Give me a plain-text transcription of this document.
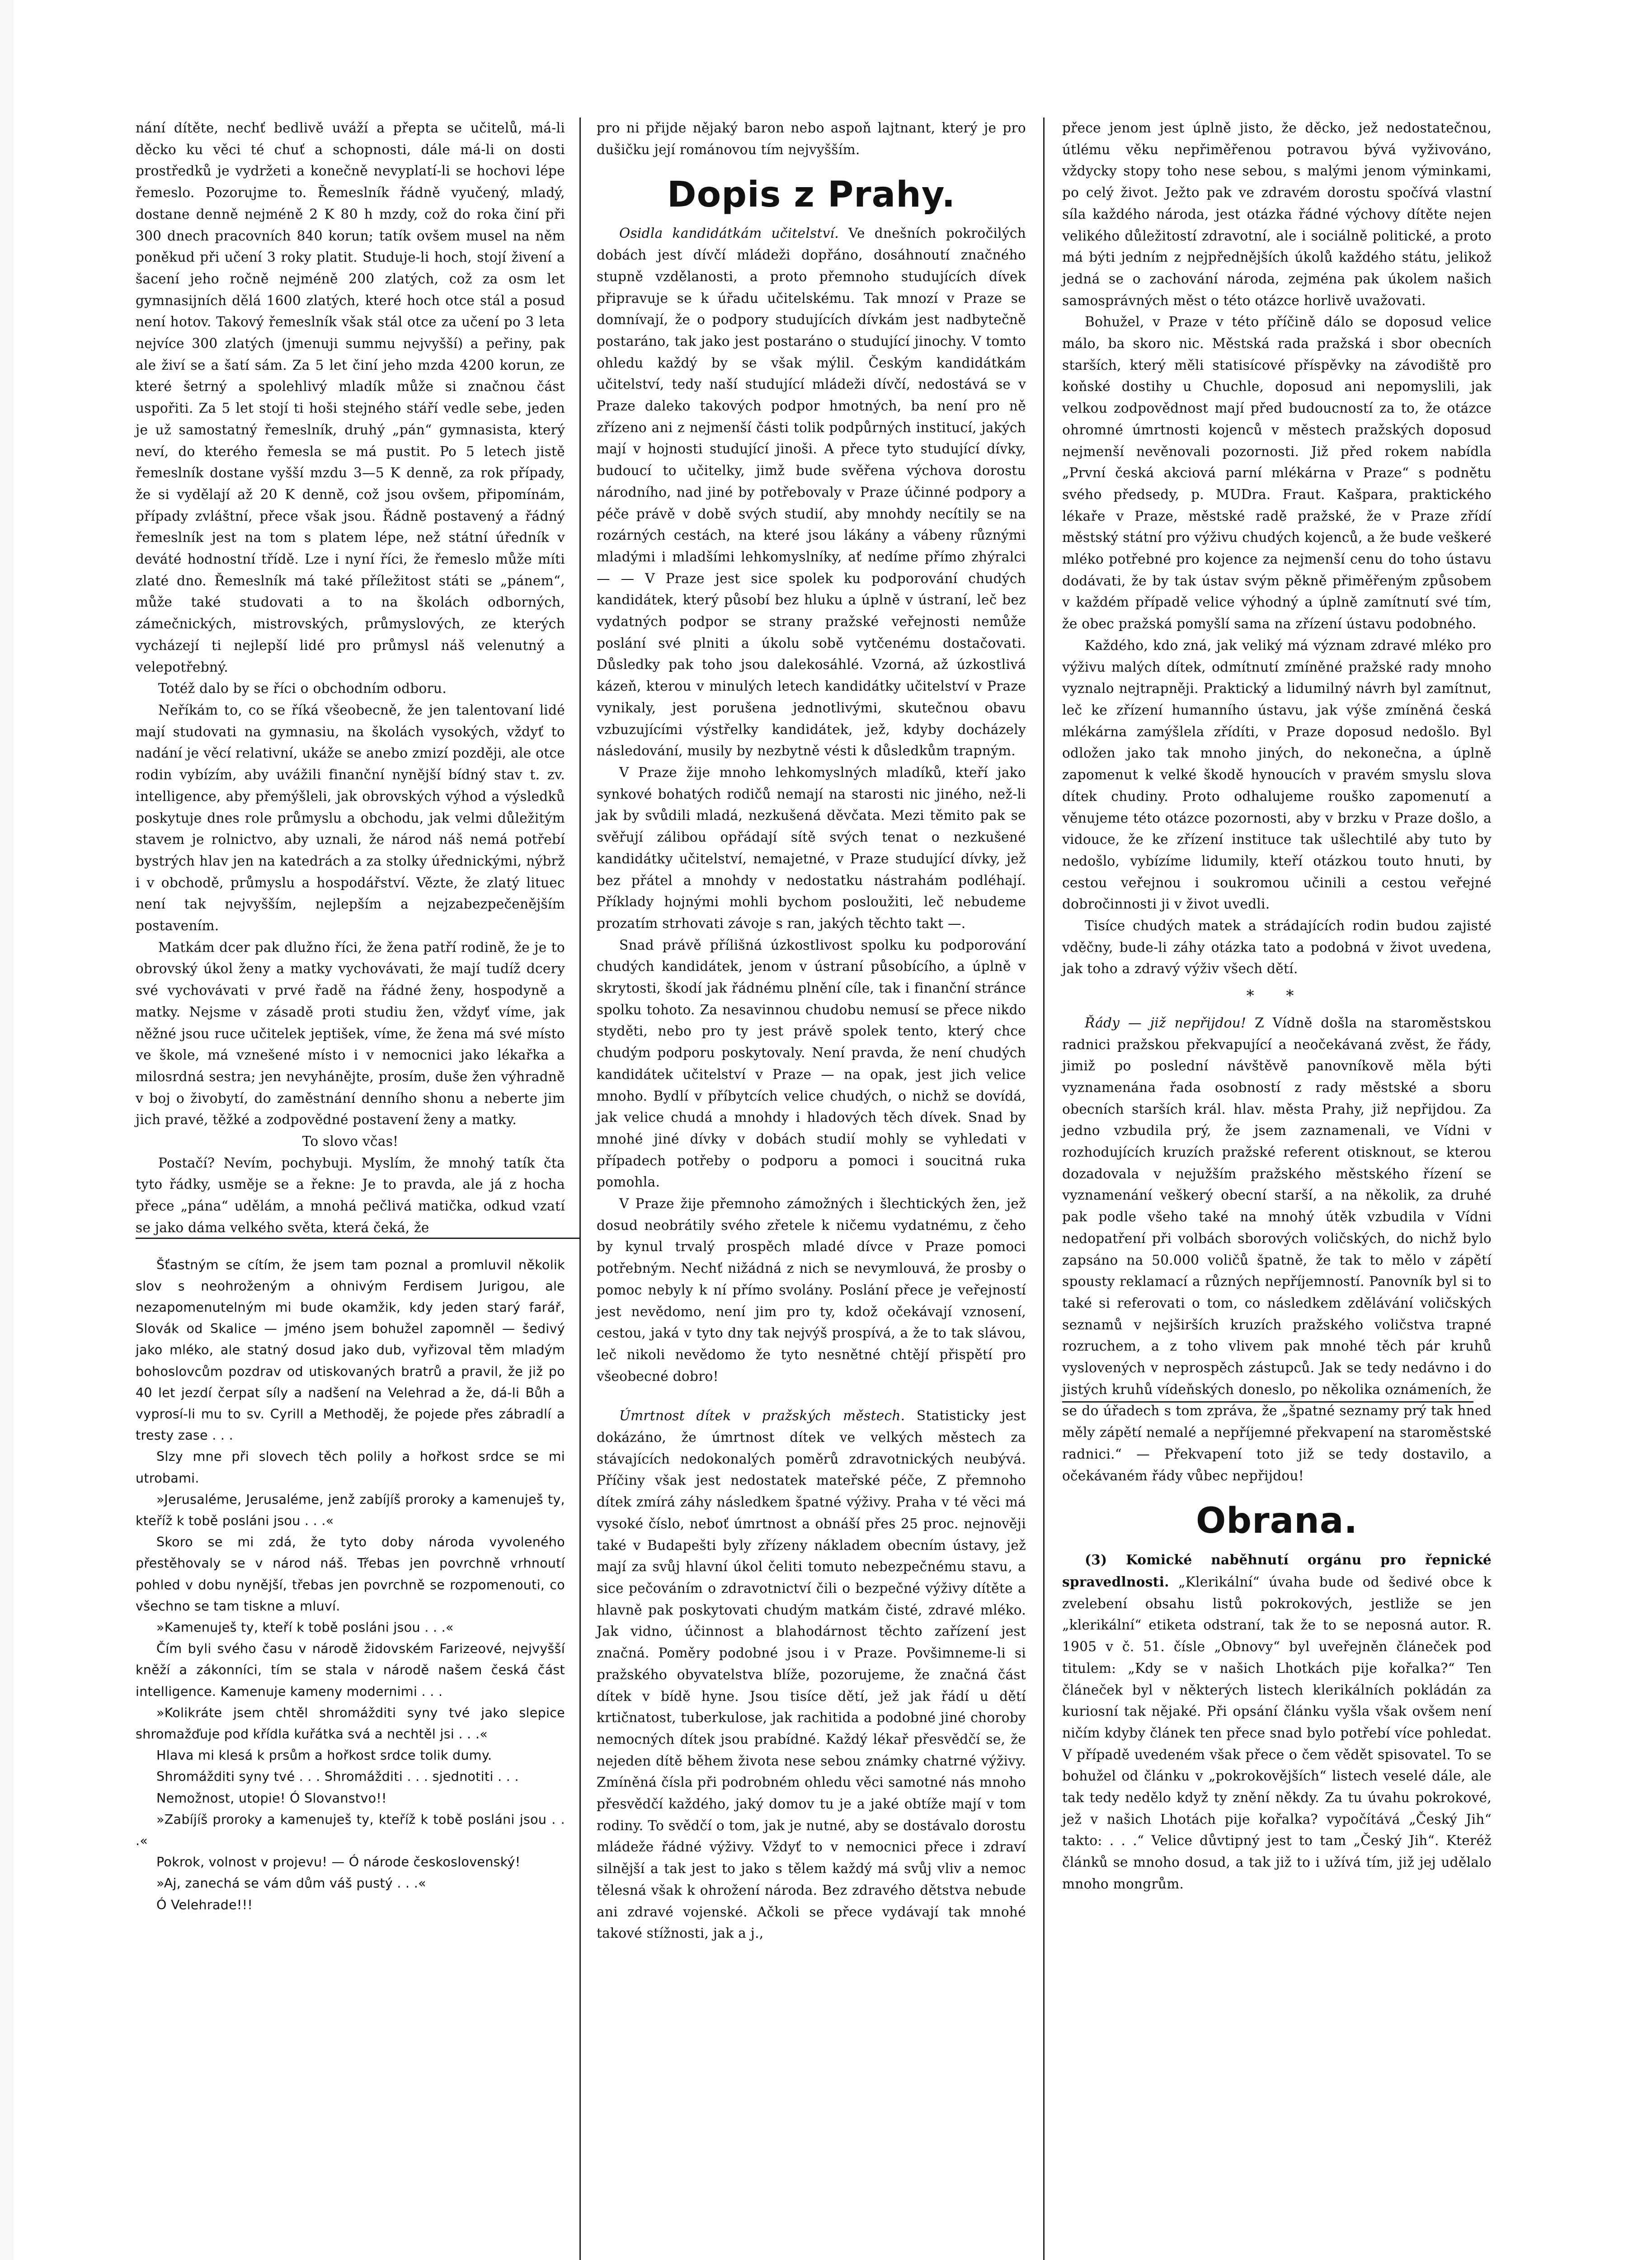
nání dítěte, nechť bedlivě uváží a přepta se učitelů, má-li děcko ku věci té chuť a schopnosti, dále má-li on dosti prostředků je vydržeti a konečně nevyplatí-li se hochovi lépe řemeslo. Pozorujme to. Řemeslník řádně vyučený, mladý, dostane denně nejméně 2 K 80 h mzdy, což do roka činí při 300 dnech pracovních 840 korun; tatík ovšem musel na něm poněkud při učení 3 roky platit. Studuje-li hoch, stojí živení a šacení jeho ročně nejméně 200 zlatých, což za osm let gymnasijních dělá 1600 zlatých, které hoch otce stál a posud není hotov. Takový řemeslník však stál otce za učení po 3 leta nejvíce 300 zlatých (jmenuji summu nejvyšší) a peřiny, pak ale živí se a šatí sám. Za 5 let činí jeho mzda 4200 korun, ze které šetrný a spolehlivý mladík může si značnou část uspořiti. Za 5 let stojí ti hoši stejného stáří vedle sebe, jeden je už samostatný řemeslník, druhý „pán“ gymnasista, který neví, do kterého řemesla se má pustit. Po 5 letech jistě řemeslník dostane vyšší mzdu 3—5 K denně, za rok případy, že si vydělají až 20 K denně, což jsou ovšem, připomínám, případy zvláštní, přece však jsou. Řádně postavený a řádný řemeslník jest na tom s platem lépe, než státní úředník v deváté hodnostní třídě. Lze i nyní říci, že řemeslo může míti zlaté dno. Řemeslník má také příležitost státi se „pánem“, může také studovati a to na školách odborných, zámečnických, mistrovských, průmyslových, ze kterých vycházejí ti nejlepší lidé pro průmysl náš velenutný a velepotřebný.

Totéž dalo by se říci o obchodním odboru.

Neříkám to, co se říká všeobecně, že jen talentovaní lidé mají studovati na gymnasiu, na školách vysokých, vždyť to nadání je věcí relativní, ukáže se anebo zmizí později, ale otce rodin vybízím, aby uvážili finanční nynější bídný stav t. zv. intelligence, aby přemýšleli, jak obrovských výhod a výsledků poskytuje dnes role průmyslu a obchodu, jak velmi důležitým stavem je rolnictvo, aby uznali, že národ náš nemá potřebí bystrých hlav jen na katedrách a za stolky úřednickými, nýbrž i v obchodě, průmyslu a hospodářství. Vězte, že zlatý lituec není tak nejvyšším, nejlepším a nejzabezpečenějším postavením.

Matkám dcer pak dlužno říci, že žena patří rodině, že je to obrovský úkol ženy a matky vychovávati, že mají tudíž dcery své vychovávati v prvé řadě na řádné ženy, hospodyně a matky. Nejsme v zásadě proti studiu žen, vždyť víme, jak něžné jsou ruce učitelek jeptišek, víme, že žena má své místo ve škole, má vznešené místo i v nemocnici jako lékařka a milosrdná sestra; jen nevyhánějte, prosím, duše žen výhradně v boj o živobytí, do zaměstnání denního shonu a neberte jim jich pravé, těžké a zodpovědné postavení ženy a matky.

To slovo včas!

Postačí? Nevím, pochybuji. Myslím, že mnohý tatík čta tyto řádky, usměje se a řekne: Je to pravda, ale já z hocha přece „pána“ udělám, a mnohá pečlivá matička, odkud vzatí se jako dáma velkého světa, která čeká, že

Šťastným se cítím, že jsem tam poznal a promluvil několik slov s neohroženým a ohnivým Ferdisem Jurigou, ale nezapomenutelným mi bude okamžik, kdy jeden starý farář, Slovák od Skalice — jméno jsem bohužel zapomněl — šedivý jako mléko, ale statný dosud jako dub, vyřizoval těm mladým bohoslovcům pozdrav od utiskovaných bratrů a pravil, že již po 40 let jezdí čerpat síly a nadšení na Velehrad a že, dá-li Bůh a vyprosí-li mu to sv. Cyrill a Methoděj, že pojede přes zábradlí a tresty zase . . .

Slzy mne při slovech těch polily a hořkost srdce se mi utrobami.

»Jerusaléme, Jerusaléme, jenž zabíjíš proroky a kamenuješ ty, kteříž k tobě posláni jsou . . .«

Skoro se mi zdá, že tyto doby národa vyvoleného přestěhovaly se v národ náš. Třebas jen povrchně vrhnoutí pohled v dobu nynější, třebas jen povrchně se rozpomenouti, co všechno se tam tiskne a mluví.

»Kamenuješ ty, kteří k tobě posláni jsou . . .«

Čím byli svého času v národě židovském Farizeové, nejvyšší kněží a zákonníci, tím se stala v národě našem česká část intelligence. Kamenuje kameny modernimi . . .

»Kolikráte jsem chtěl shromážditi syny tvé jako slepice shromažďuje pod křídla kuřátka svá a nechtěl jsi . . .«

Hlava mi klesá k prsům a hořkost srdce tolik dumy.

Shromážditi syny tvé . . . Shromážditi . . . sjednotiti . . .

Nemožnost, utopie! Ó Slovanstvo!!

»Zabíjíš proroky a kamenuješ ty, kteříž k tobě posláni jsou . . .«

Pokrok, volnost v projevu! — Ó národe československý!

»Aj, zanechá se vám dům váš pustý . . .«

Ó Velehrade!!!

pro ni přijde nějaký baron nebo aspoň lajtnant, který je pro dušičku její románovou tím nejvyšším.

Dopis z Prahy.

Osidla kandidátkám učitelství. Ve dnešních pokročilých dobách jest dívčí mládeži dopřáno, dosáhnoutí značného stupně vzdělanosti, a proto přemnoho studujících dívek připravuje se k úřadu učitelskému. Tak mnozí v Praze se domnívají, že o podpory studujících dívkám jest nadbytečně postaráno, tak jako jest postaráno o studující jinochy. V tomto ohledu každý by se však mýlil. Českým kandidátkám učitelství, tedy naší studující mládeži dívčí, nedostává se v Praze daleko takových podpor hmotných, ba není pro ně zřízeno ani z nejmenší části tolik podpůrných institucí, jakých mají v hojnosti studující jinoši. A přece tyto studující dívky, budoucí to učitelky, jimž bude svěřena výchova dorostu národního, nad jiné by potřebovaly v Praze účinné podpory a péče právě v době svých studií, aby mnohdy necítily se na rozárných cestách, na které jsou lákány a vábeny různými mladými i mladšími lehkomyslníky, ať nedíme přímo zhýralci — — V Praze jest sice spolek ku podporování chudých kandidátek, který působí bez hluku a úplně v ústraní, leč bez vydatných podpor se strany pražské veřejnosti nemůže poslání své plniti a úkolu sobě vytčenému dostačovati. Důsledky pak toho jsou dalekosáhlé. Vzorná, až úzkostlivá kázeň, kterou v minulých letech kandidátky učitelství v Praze vynikaly, jest porušena jednotlivými, skutečnou obavu vzbuzujícími výstřelky kandidátek, jež, kdyby docházely následování, musily by nezbytně vésti k důsledkům trapným.

V Praze žije mnoho lehkomyslných mladíků, kteří jako synkové bohatých rodičů nemají na starosti nic jiného, než-li jak by svůdili mladá, nezkušená děvčata. Mezi těmito pak se svěřují zálibou opřádají sítě svých tenat o nezkušené kandidátky učitelství, nemajetné, v Praze studující dívky, jež bez přátel a mnohdy v nedostatku nástrahám podléhají. Příklady hojnými mohli bychom posloužiti, leč nebudeme prozatím strhovati závoje s ran, jakých těchto takt —.

Snad právě přílišná úzkostlivost spolku ku podporování chudých kandidátek, jenom v ústraní působícího, a úplně v skrytosti, škodí jak řádnému plnění cíle, tak i finanční stránce spolku tohoto. Za nesavinnou chudobu nemusí se přece nikdo styděti, nebo pro ty jest právě spolek tento, který chce chudým podporu poskytovaly. Není pravda, že není chudých kandidátek učitelství v Praze — na opak, jest jich velice mnoho. Bydlí v příbytcích velice chudých, o nichž se dovídá, jak velice chudá a mnohdy i hladových těch dívek. Snad by mnohé jiné dívky v dobách studií mohly se vyhledati v případech potřeby o podporu a pomoci i soucitná ruka pomohla.

V Praze žije přemnoho zámožných i šlechtických žen, jež dosud neobrátily svého zřetele k ničemu vydatnému, z čeho by kynul trvalý prospěch mladé dívce v Praze pomoci potřebným. Nechť nižádná z nich se nevymlouvá, že prosby o pomoc nebyly k ní přímo svolány. Poslání přece je veřejností jest nevědomo, není jim pro ty, kdož očekávají vznosení, cestou, jaká v tyto dny tak nejvýš prospívá, a že to tak slávou, leč nikoli nevědomo že tyto nesnětné chtějí přispětí pro všeobecné dobro!

Úmrtnost dítek v pražských městech. Statisticky jest dokázáno, že úmrtnost dítek ve velkých městech za stávajících nedokonalých poměrů zdravotnických neubývá. Příčiny však jest nedostatek mateřské péče, Z přemnoho dítek zmírá záhy následkem špatné výživy. Praha v té věci má vysoké číslo, neboť úmrtnost a obnáší přes 25 proc. nejnověji také v Budapešti byly zřízeny nákladem obecním ústavy, jež mají za svůj hlavní úkol čeliti tomuto nebezpečnému stavu, a sice pečováním o zdravotnictví čili o bezpečné výživy dítěte a hlavně pak poskytovati chudým matkám čisté, zdravé mléko. Jak vidno, účinnost a blahodárnost těchto zařízení jest značná. Poměry podobné jsou i v Praze. Povšimneme-li si pražského obyvatelstva blíže, pozorujeme, že značná část dítek v bídě hyne. Jsou tisíce dětí, jež jak řádí u dětí krtičnatost, tuberkulose, jak rachitida a podobné jiné choroby nemocných dítek jsou prabídné. Každý lékař přesvědčí se, že nejeden dítě během života nese sebou známky chatrné výživy. Zmíněná čísla při podrobném ohledu věci samotné nás mnoho přesvědčí každého, jaký domov tu je a jaké obtíže mají v tom rodiny. To svědčí o tom, jak je nutné, aby se dostávalo dorostu mládeže řádné výživy. Vždyť to v nemocnici přece i zdraví silnější a tak jest to jako s tělem každý má svůj vliv a nemoc tělesná však k ohrožení národa. Bez zdravého dětstva nebude ani zdravé vojenské. Ačkoli se přece vydávají tak mnohé takové stížnosti, jak a j.,

přece jenom jest úplně jisto, že děcko, jež nedostatečnou, útlému věku nepřiměřenou potravou bývá vyživováno, vždycky stopy toho nese sebou, s malými jenom výminkami, po celý život. Ježto pak ve zdravém dorostu spočívá vlastní síla každého národa, jest otázka řádné výchovy dítěte nejen velikého důležitostí zdravotní, ale i sociálně politické, a proto má býti jedním z nejpřednějších úkolů každého státu, jelikož jedná se o zachování národa, zejména pak úkolem našich samosprávných měst o této otázce horlivě uvažovati.

Bohužel, v Praze v této příčině dálo se doposud velice málo, ba skoro nic. Městská rada pražská i sbor obecních starších, který měli statisícové příspěvky na závodiště pro koňské dostihy u Chuchle, doposud ani nepomyslili, jak velkou zodpovědnost mají před budoucností za to, že otázce ohromné úmrtnosti kojenců v městech pražských doposud nejmenší nevěnovali pozornosti. Již před rokem nabídla „První česká akciová parní mlékárna v Praze“ s podnětu svého předsedy, p. MUDra. Fraut. Kašpara, praktického lékaře v Praze, městské radě pražské, že v Praze zřídí městský státní pro výživu chudých kojenců, a že bude veškeré mléko potřebné pro kojence za nejmenší cenu do toho ústavu dodávati, že by tak ústav svým pěkně přiměřeným způsobem v každém případě velice výhodný a úplně zamítnutí své tím, že obec pražská pomyšlí sama na zřízení ústavu podobného.

Každého, kdo zná, jak veliký má význam zdravé mléko pro výživu malých dítek, odmítnutí zmíněné pražské rady mnoho vyznalo nejtrapněji. Praktický a lidumilný návrh byl zamítnut, leč ke zřízení humanního ústavu, jak výše zmíněná česká mlékárna zamýšlela zřídíti, v Praze doposud nedošlo. Byl odložen jako tak mnoho jiných, do nekonečna, a úplně zapomenut k velké škodě hynoucích v pravém smyslu slova dítek chudiny. Proto odhalujeme rouško zapomenutí a věnujeme této otázce pozornosti, aby v brzku v Praze došlo, a vidouce, že ke zřízení instituce tak ušlechtilé aby tuto by nedošlo, vybízíme lidumily, kteří otázkou touto hnuti, by cestou veřejnou i soukromou učinili a cestou veřejné dobročinnosti ji v život uvedli.

Tisíce chudých matek a strádajících rodin budou zajisté vděčny, bude-li záhy otázka tato a podobná v život uvedena, jak toho a zdravý výživ všech dětí.

* *

Řády — již nepřijdou! Z Vídně došla na staroměstskou radnici pražskou překvapující a neočekávaná zvěst, že řády, jimiž po poslední návštěvě panovníkově měla býti vyznamenána řada osobností z rady městské a sboru obecních starších král. hlav. města Prahy, již nepřijdou. Za jedno vzbudila prý, že jsem zaznamenali, ve Vídni v rozhodujících kruzích pražské referent otisknout, se kterou dozadovala v nejužším pražského městského řízení se vyznamenání veškerý obecní starší, a na několik, za druhé pak podle všeho také na mnohý útěk vzbudila v Vídni nedopatření při volbách sborových voličských, do nichž bylo zapsáno na 50.000 voličů špatně, že tak to mělo v zápětí spousty reklamací a různých nepříjemností. Panovník byl si to také si referovati o tom, co následkem zdělávání voličských seznamů v nejširších kruzích pražského voličstva trapné rozruchem, a z toho vlivem pak mnohé těch pár kruhů vyslovených v neprospěch zástupců. Jak se tedy nedávno i do jistých kruhů vídeňských doneslo, po několika oznámeních, že se do úřadech s tom zpráva, že „špatné seznamy prý tak hned měly zápětí nemalé a nepříjemné překvapení na staroměstské radnici.“ — Překvapení toto již se tedy dostavilo, a očekávaném řády vůbec nepřijdou!

Obrana.

(3) Komické naběhnutí orgánu pro řepnické spravedlnosti. „Klerikální“ úvaha bude od šedivé obce k zvelebení obsahu listů pokrokových, jestliže se jen „klerikální“ etiketa odstraní, tak že to se neposná autor. R. 1905 v č. 51. čísle „Obnovy“ byl uveřejněn článeček pod titulem: „Kdy se v našich Lhotkách pije kořalka?“ Ten článeček byl v některých listech klerikálních pokládán za kuriosní tak nějaké. Při opsání článku vyšla však ovšem není ničím kdyby článek ten přece snad bylo potřebí více pohledat. V případě uvedeném však přece o čem vědět spisovatel. To se bohužel od článku v „pokrokovějších“ listech veselé dále, ale tak tedy nedělo když ty znění někdy. Za tu úvahu pokrokové, jež v našich Lhotách pije kořalka? vypočítává „Český Jih“ takto: . . .“ Velice důvtipný jest to tam „Český Jih“. Kteréž článků se mnoho dosud, a tak již to i užívá tím, již jej udělalo mnoho mongrům.
